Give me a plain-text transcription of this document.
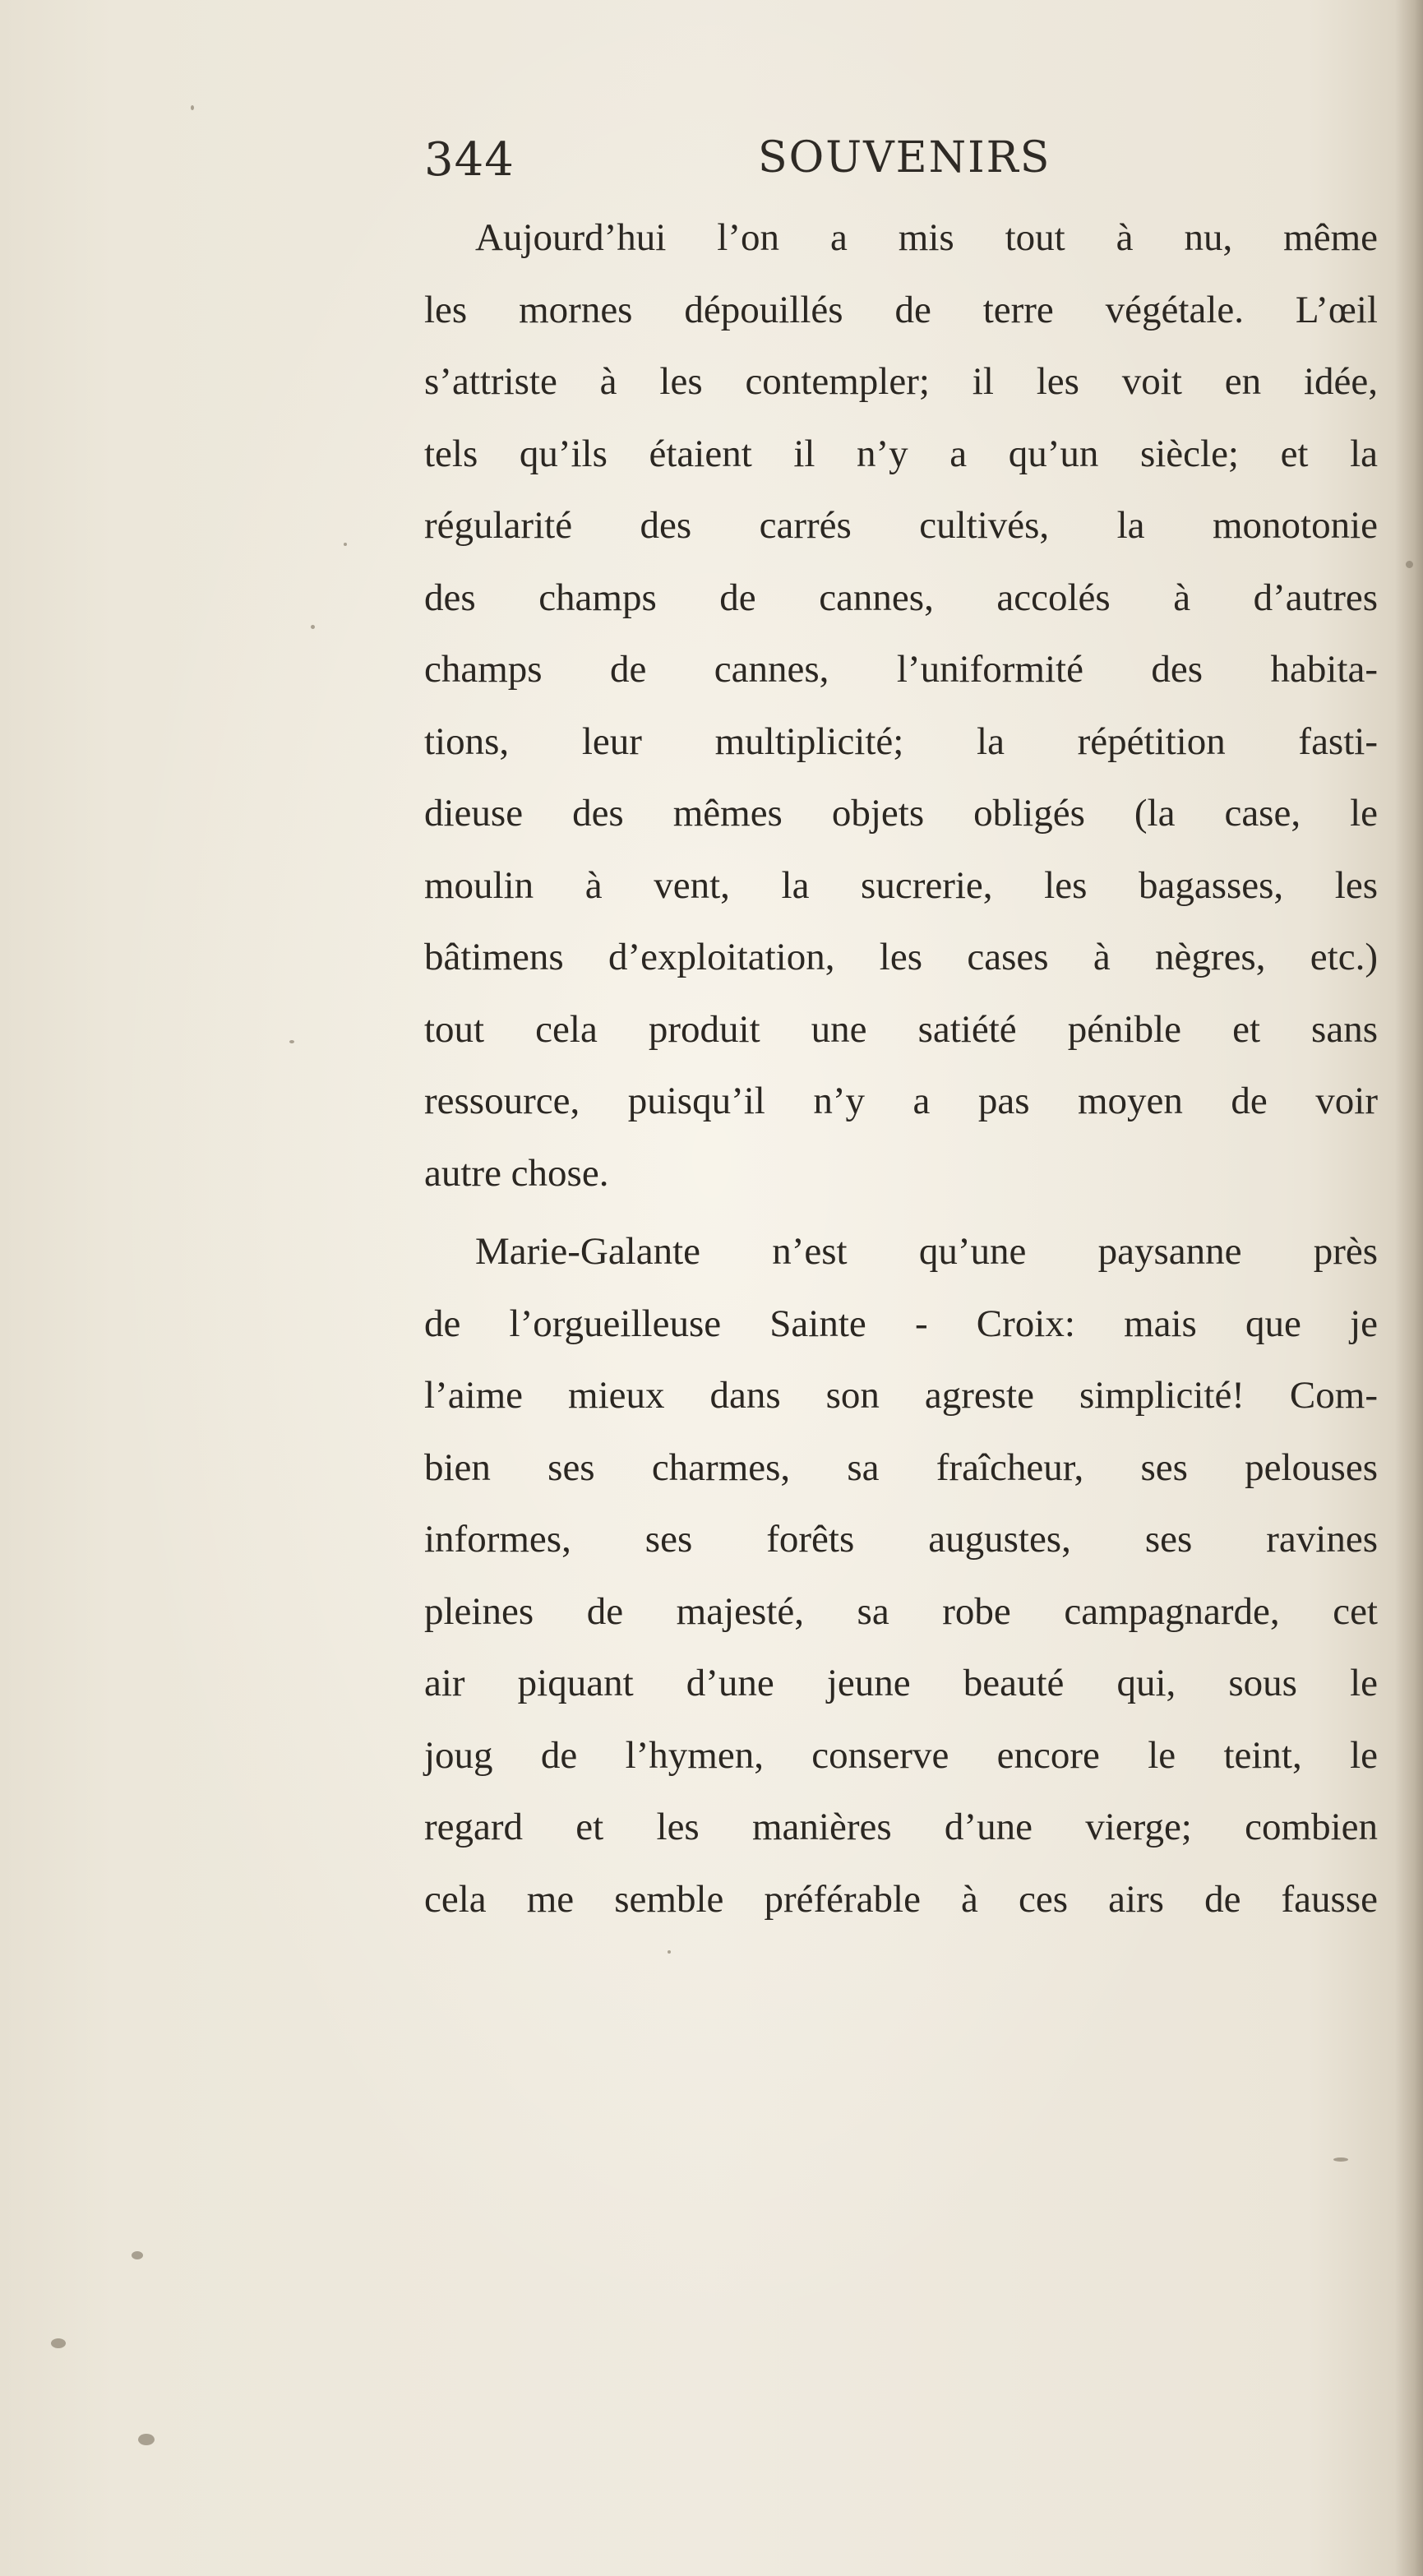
344	SOUVENIRS
Aujourd’hui l’on a mis tout à nu, même
les mornes dépouillés de terre végétale. L’œil
s’attriste à les contempler; il les voit en idée,
tels qu’ils étaient il n’y a qu’un siècle; et la
régularité des carrés cultivés, la monotonie
des champs de cannes, accolés à d’autres
champs de cannes, l’uniformité des habita-
tions, leur multiplicité; la répétition fasti-
dieuse des mêmes objets obligés (la case, le
moulin à vent, la sucrerie, les bagasses, les
bâtimens d’exploitation, les cases à nègres, etc.)
tout cela produit une satiété pénible et sans
ressource, puisqu’il n’y a pas moyen de voir
autre chose.
Marie-Galante n’est qu’une paysanne près
de l’orgueilleuse Sainte - Croix: mais que je
l’aime mieux dans son agreste simplicité! Com-
bien ses charmes, sa fraîcheur, ses pelouses
informes, ses forêts augustes, ses ravines
pleines de majesté, sa robe campagnarde, cet
air piquant d’une jeune beauté qui, sous le
joug de l’hymen, conserve encore le teint, le
regard et les manières d’une vierge; combien
cela me semble préférable à ces airs de fausse
